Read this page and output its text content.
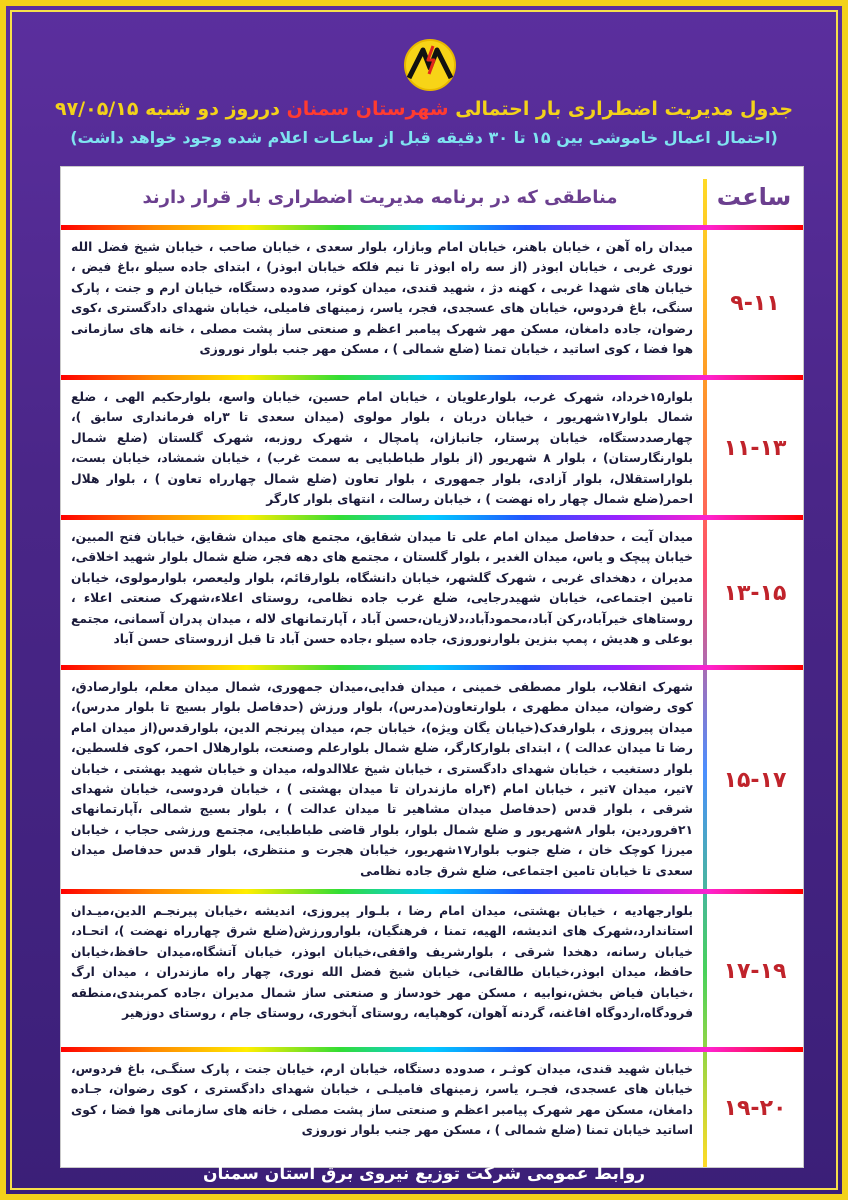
جدول مدیریت اضطراری بار احتمالی شهرستان سمنان درروز دو شنبه ۹۷/۰۵/۱۵
(احتمال اعمال خاموشی بین ۱۵ تا ۳۰ دقیقه قبل از ساعـات اعلام شده وجود خواهد داشت)
ساعت
مناطقی که در برنامه مدیریت اضطراری بار قرار دارند
۹-۱۱
میدان راه آهن ، خیابان باهنر، خیابان امام وبازار، بلوار سعدی ، خیابان صاحب ، خیابان شیخ فضل الله نوری غربی ، خیابان ابوذر (از سه راه ابوذر تا نیم فلکه خیابان ابوذر) ، ابتدای جاده سیلو ،باغ فیض ، خیابان های شهدا غربی ، کهنه دژ ، شهید قندی، میدان کوثر، صدوده دستگاه، خیابان ارم و جنت ، پارک سنگی، باغ فردوس، خیابان های عسجدی، فجر، یاسر، زمینهای فامیلی، خیابان شهدای دادگستری ،کوی رضوان، جاده دامغان، مسکن مهر شهرک پیامبر اعظم و صنعتی ساز پشت مصلی ، خانه های سازمانی هوا فضا ، کوی اساتید ، خیابان تمنا (ضلع شمالی ) ، مسکن مهر جنب بلوار نوروزی
۱۱-۱۳
بلوار۱۵خرداد، شهرک غرب، بلوارعلویان ، خیابان امام حسین، خیابان واسع، بلوارحکیم الهی ، ضلع شمال بلوار۱۷شهریور ، خیابان دربان ، بلوار مولوی (میدان سعدی تا ۳راه فرمانداری سابق )، چهارصددستگاه، خیابان پرستار، جانبازان، پامچال ، شهرک روزبه، شهرک گلستان (ضلع شمال بلوارنگارستان) ، بلوار ۸ شهریور (از بلوار طباطبایی به سمت غرب) ، خیابان شمشاد، خیابان بست، بلواراستقلال، بلوار آزادی، بلوار جمهوری ، بلوار تعاون (ضلع شمال چهارراه تعاون ) ، بلوار هلال احمر(ضلع شمال چهار راه نهضت ) ، خیابان رسالت ، انتهای بلوار کارگر
۱۳-۱۵
میدان آیت ، حدفاصل میدان امام علی تا میدان شقایق، مجتمع های میدان شقایق، خیابان فتح المبین، خیابان پیچک و یاس، میدان الغدیر ، بلوار گلستان ، مجتمع های دهه فجر، ضلع شمال بلوار شهید اخلاقی، مدیران ، دهخدای غربی ، شهرک گلشهر، خیابان دانشگاه، بلوارقائم، بلوار ولیعصر، بلوارمولوی، خیابان تامین اجتماعی، خیابان شهیدرجایی، ضلع غرب جاده نظامی، روستای اعلاء،شهرک صنعتی اعلاء ، روستاهای خیرآباد،رکن آباد،محمودآباد،دلازیان،حسن آباد ، آپارتمانهای لاله ، میدان پدران آسمانی، مجتمع بوعلی و هدیش ، پمپ بنزین بلوارنوروزی، جاده سیلو ،جاده حسن آباد تا قبل ازروستای حسن آباد
۱۵-۱۷
شهرک انقلاب، بلوار مصطفی خمینی ، میدان فدایی،میدان جمهوری، شمال میدان معلم، بلوارصادق، کوی رضوان، میدان مطهری ، بلوارتعاون(مدرس)، بلوار ورزش (حدفاصل بلوار بسیج تا بلوار مدرس)، میدان پیروزی ، بلوارفدک(خیابان یگان ویژه)، خیابان جم، میدان پیرنجم الدین، بلوارقدس(از میدان امام رضا تا میدان عدالت ) ، ابتدای بلوارکارگر، ضلع شمال بلوارعلم وصنعت، بلوارهلال احمر، کوی فلسطین، بلوار دستغیب ، خیابان شهدای دادگستری ، خیابان شیخ علاالدوله، میدان و خیابان شهید بهشتی ، خیابان ۷تیر، میدان ۷تیر ، خیابان امام (۴راه مازندران تا میدان بهشتی ) ، خیابان فردوسی، خیابان شهدای شرقی ، بلوار قدس (حدفاصل میدان مشاهیر تا میدان عدالت ) ، بلوار بسیج شمالی ،آپارتمانهای ۲۱فروردین، بلوار ۸شهریور و ضلع شمال بلوار، بلوار قاضی طباطبایی، مجتمع ورزشی حجاب ، خیابان میرزا کوچک خان ، ضلع جنوب بلوار۱۷شهریور، خیابان هجرت و منتظری، بلوار قدس حدفاصل میدان سعدی تا خیابان تامین اجتماعی، ضلع شرق جاده نظامی
۱۷-۱۹
بلوارجهادیه ، خیابان بهشتی، میدان امام رضا ، بلـوار پیروزی، اندیشه ،خیابان پیرنجـم الدین،میـدان استاندارد،شهرک های اندیشه، الهیه، تمنا ، فرهنگیان، بلوارورزش(ضلع شرق چهارراه نهضت )، اتحـاد، خیابان رسانه، دهخدا شرقی ، بلوارشریف واقفی،خیابان ابوذر، خیابان آتشگاه،میدان حافظ،خیابان حافظ، میدان ابوذر،خیابان طالقانی، خیابان شیخ فضل الله نوری، چهار راه مازندران ، میدان ارگ ،خیابان فیاض بخش،نوابیه ، مسکن مهر خودساز و صنعتی ساز شمال مدیران ،جاده کمربندی،منطقه فرودگاه،اردوگاه افاغنه، گردنه آهوان، کوهپایه، روستای آبخوری، روستای جام ، روستای دوزهیر
۱۹-۲۰
خیابان شهید قندی، میدان کوثـر ، صدوده دستگاه، خیابان ارم، خیابان جنت ، پارک سنگـی، باغ فردوس، خیابان های عسجدی، فجـر، یاسر، زمینهای فامیلـی ، خیابان شهدای دادگستری ، کوی رضوان، جـاده دامغان، مسکن مهر شهرک پیامبر اعظم و صنعتی ساز پشت مصلی ، خانه های سازمانی هوا فضا ، کوی اساتید خیابان تمنا (ضلع شمالی ) ، مسکن مهر جنب بلوار نوروزی
روابط عمومی شرکت توزیع نیروی برق استان سمنان
